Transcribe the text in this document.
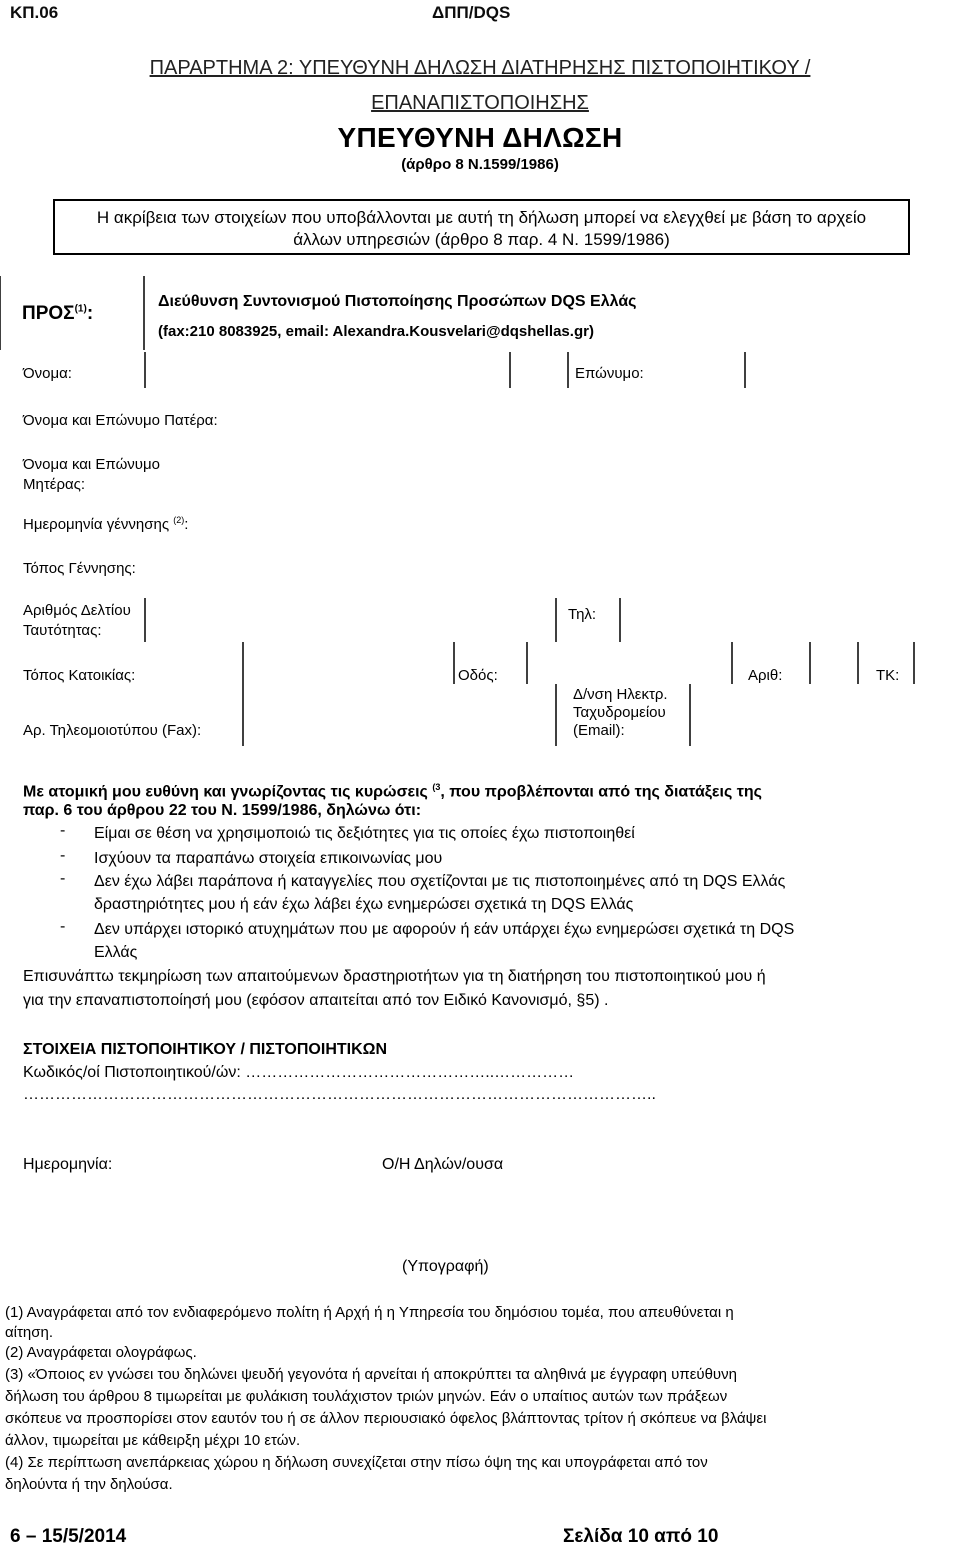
ΚΠ.06	ΔΠΠ/DQS
ΠΑΡΑΡΤΗΜΑ 2: ΥΠΕΥΘΥΝΗ ΔΗΛΩΣΗ ΔΙΑΤΗΡΗΣΗΣ ΠΙΣΤΟΠΟΙΗΤΙΚΟΥ /
ΕΠΑΝΑΠΙΣΤΟΠΟΙΗΣΗΣ
ΥΠΕΥΘΥΝΗ ΔΗΛΩΣΗ
(άρθρο 8 Ν.1599/1986)
Η ακρίβεια των στοιχείων που υποβάλλονται με αυτή τη δήλωση μπορεί να ελεγχθεί με βάση το αρχείο
άλλων υπηρεσιών (άρθρο 8 παρ. 4 Ν. 1599/1986)
ΠΡΟΣ$^{(1)}$:
Διεύθυνση Συντονισμού Πιστοποίησης Προσώπων DQS Ελλάς
(fax:210 8083925, email: Alexandra.Kousvelari@dqshellas.gr)
Όνομα:	Επώνυμο:
Όνομα και Επώνυμο Πατέρα:
Όνομα και Επώνυμο
Μητέρας:
Ημερομηνία γέννησης $^{(2)}$:
Τόπος Γέννησης:
Αριθμός Δελτίου
Ταυτότητας:
Τηλ:
Τόπος Κατοικίας:	Οδός:	Αριθ:	ΤΚ:
Αρ. Τηλεομοιοτύπου (Fax):
Δ/νση Ηλεκτρ.
Ταχυδρομείου
(Email):
Με ατομική μου ευθύνη και γνωρίζοντας τις κυρώσεις $^{(3}$, που προβλέπονται από της διατάξεις της
παρ. 6 του άρθρου 22 του Ν. 1599/1986, δηλώνω ότι:
- Είμαι σε θέση να χρησιμοποιώ τις δεξιότητες για τις οποίες έχω πιστοποιηθεί
- Ισχύουν τα παραπάνω στοιχεία επικοινωνίας μου
- Δεν έχω λάβει παράπονα ή καταγγελίες που σχετίζονται με τις πιστοποιημένες από τη DQS Ελλάς
δραστηριότητες μου ή εάν έχω λάβει έχω ενημερώσει σχετικά τη DQS Ελλάς
- Δεν υπάρχει ιστορικό ατυχημάτων που με αφορούν ή εάν υπάρχει έχω ενημερώσει σχετικά τη DQS
Ελλάς
Επισυνάπτω τεκμηρίωση των απαιτούμενων δραστηριοτήτων για τη διατήρηση του πιστοποιητικού μου ή
για την επαναπιστοποίησή μου (εφόσον απαιτείται από τον Ειδικό Κανονισμό, §5) .
ΣΤΟΙΧΕΙΑ ΠΙΣΤΟΠΟΙΗΤΙΚΟΥ / ΠΙΣΤΟΠΟΙΗΤΙΚΩΝ
Κωδικός/οί Πιστοποιητικού/ών: ………………………………………..……………
………………………………………………………………………………………………………..
Ημερομηνία:	Ο/Η Δηλών/ουσα
(Υπογραφή)
(1) Αναγράφεται από τον ενδιαφερόμενο πολίτη ή Αρχή ή η Υπηρεσία του δημόσιου τομέα, που απευθύνεται η
αίτηση.
(2) Αναγράφεται ολογράφως.
(3) «Όποιος εν γνώσει του δηλώνει ψευδή γεγονότα ή αρνείται ή αποκρύπτει τα αληθινά με έγγραφη υπεύθυνη
δήλωση του άρθρου 8 τιμωρείται με φυλάκιση τουλάχιστον τριών μηνών. Εάν ο υπαίτιος αυτών των πράξεων
σκόπευε να προσπορίσει στον εαυτόν του ή σε άλλον περιουσιακό όφελος βλάπτοντας τρίτον ή σκόπευε να βλάψει
άλλον, τιμωρείται με κάθειρξη μέχρι 10 ετών.
(4) Σε περίπτωση ανεπάρκειας χώρου η δήλωση συνεχίζεται στην πίσω όψη της και υπογράφεται από τον
δηλούντα ή την δηλούσα.
6 – 15/5/2014	Σελίδα 10 από 10
